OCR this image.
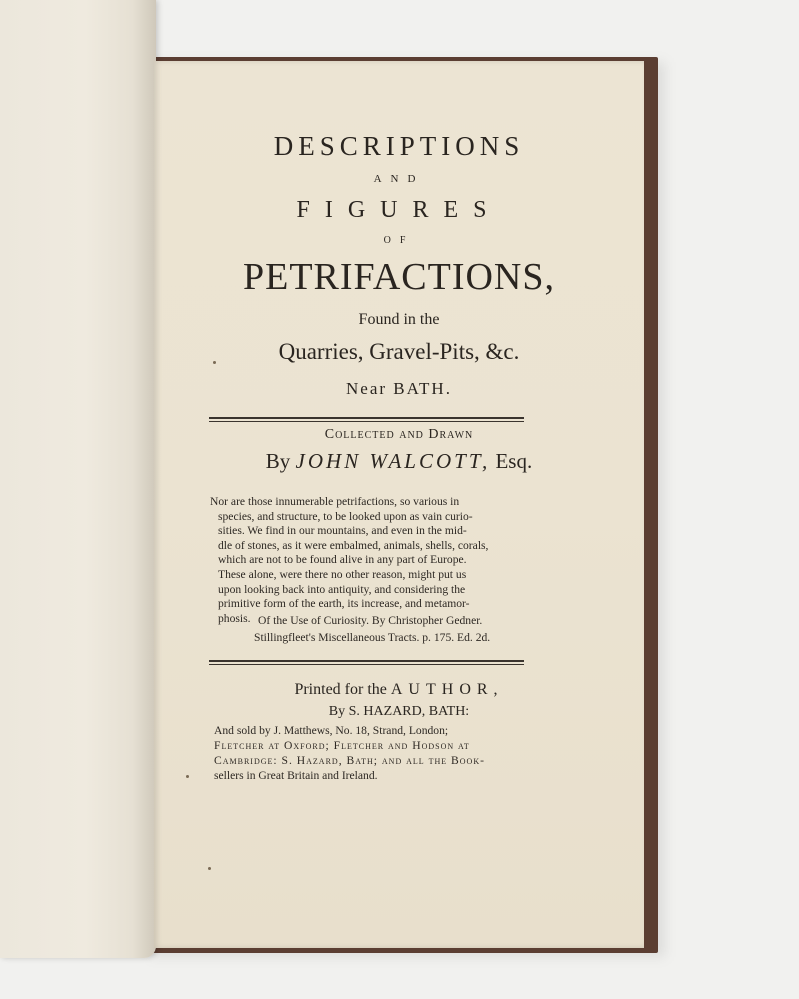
DESCRIPTIONS
AND
FIGURES
OF
PETRIFACTIONS,
Found in the
Quarries, Gravel-Pits, &c.
Near BATH.
Collected and Drawn
By JOHN WALCOTT, Esq.

Nor are those innumerable petrifactions, so various in

species, and structure, to be looked upon as vain curio-

sities. We find in our mountains, and even in the mid-

dle of stones, as it were embalmed, animals, shells, corals,

which are not to be found alive in any part of Europe.

These alone, were there no other reason, might put us

upon looking back into antiquity, and considering the

primitive form of the earth, its increase, and metamor-

phosis. Of the Use of Curiosity. By Christopher Gedner.
Stillingfleet's Miscellaneous Tracts. p. 175. Ed. 2d.
Printed for the AUTHOR,
By S. HAZARD, BATH:

And sold by J. Matthews, No. 18, Strand, London;

Fletcher at Oxford; Fletcher and Hodson at

Cambridge: S. Hazard, Bath; and all the Book-

sellers in Great Britain and Ireland.
